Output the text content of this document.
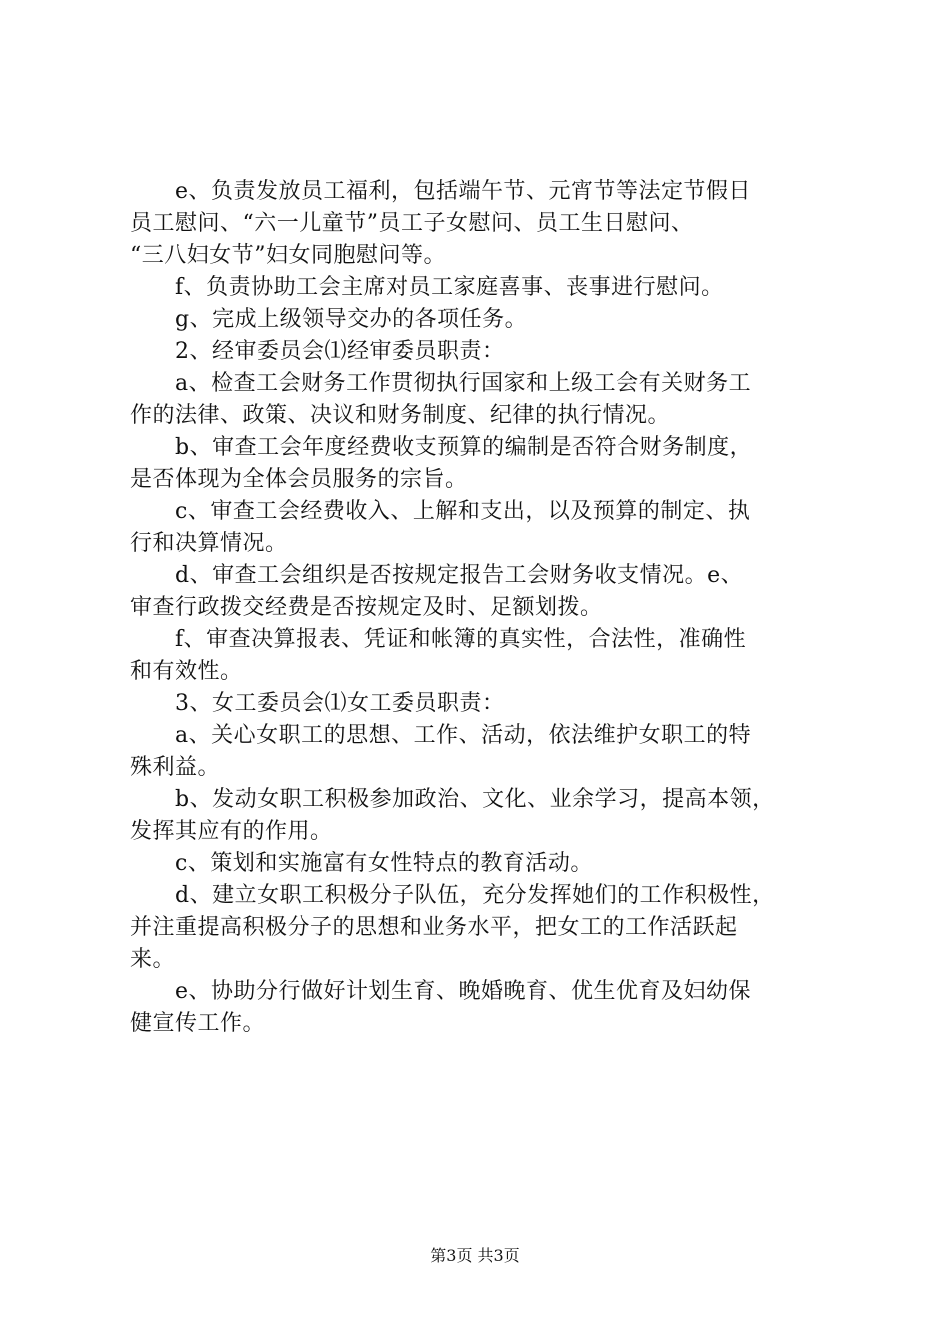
　　e、负责发放员工福利，包括端午节、元宵节等法定节假日
员工慰问、“六一儿童节”员工子女慰问、员工生日慰问、
“三八妇女节”妇女同胞慰问等。
　　f、负责协助工会主席对员工家庭喜事、丧事进行慰问。
　　g、完成上级领导交办的各项任务。
　　2、经审委员会⑴经审委员职责：
　　a、检查工会财务工作贯彻执行国家和上级工会有关财务工
作的法律、政策、决议和财务制度、纪律的执行情况。
　　b、审查工会年度经费收支预算的编制是否符合财务制度，
是否体现为全体会员服务的宗旨。
　　c、审查工会经费收入、上解和支出，以及预算的制定、执
行和决算情况。
　　d、审查工会组织是否按规定报告工会财务收支情况。e、
审查行政拨交经费是否按规定及时、足额划拨。
　　f、审查决算报表、凭证和帐簿的真实性，合法性，准确性
和有效性。
　　3、女工委员会⑴女工委员职责：
　　a、关心女职工的思想、工作、活动，依法维护女职工的特
殊利益。
　　b、发动女职工积极参加政治、文化、业余学习，提高本领，
发挥其应有的作用。
　　c、策划和实施富有女性特点的教育活动。
　　d、建立女职工积极分子队伍，充分发挥她们的工作积极性，
并注重提高积极分子的思想和业务水平，把女工的工作活跃起
来。
　　e、协助分行做好计划生育、晚婚晚育、优生优育及妇幼保
健宣传工作。
第3页 共3页
